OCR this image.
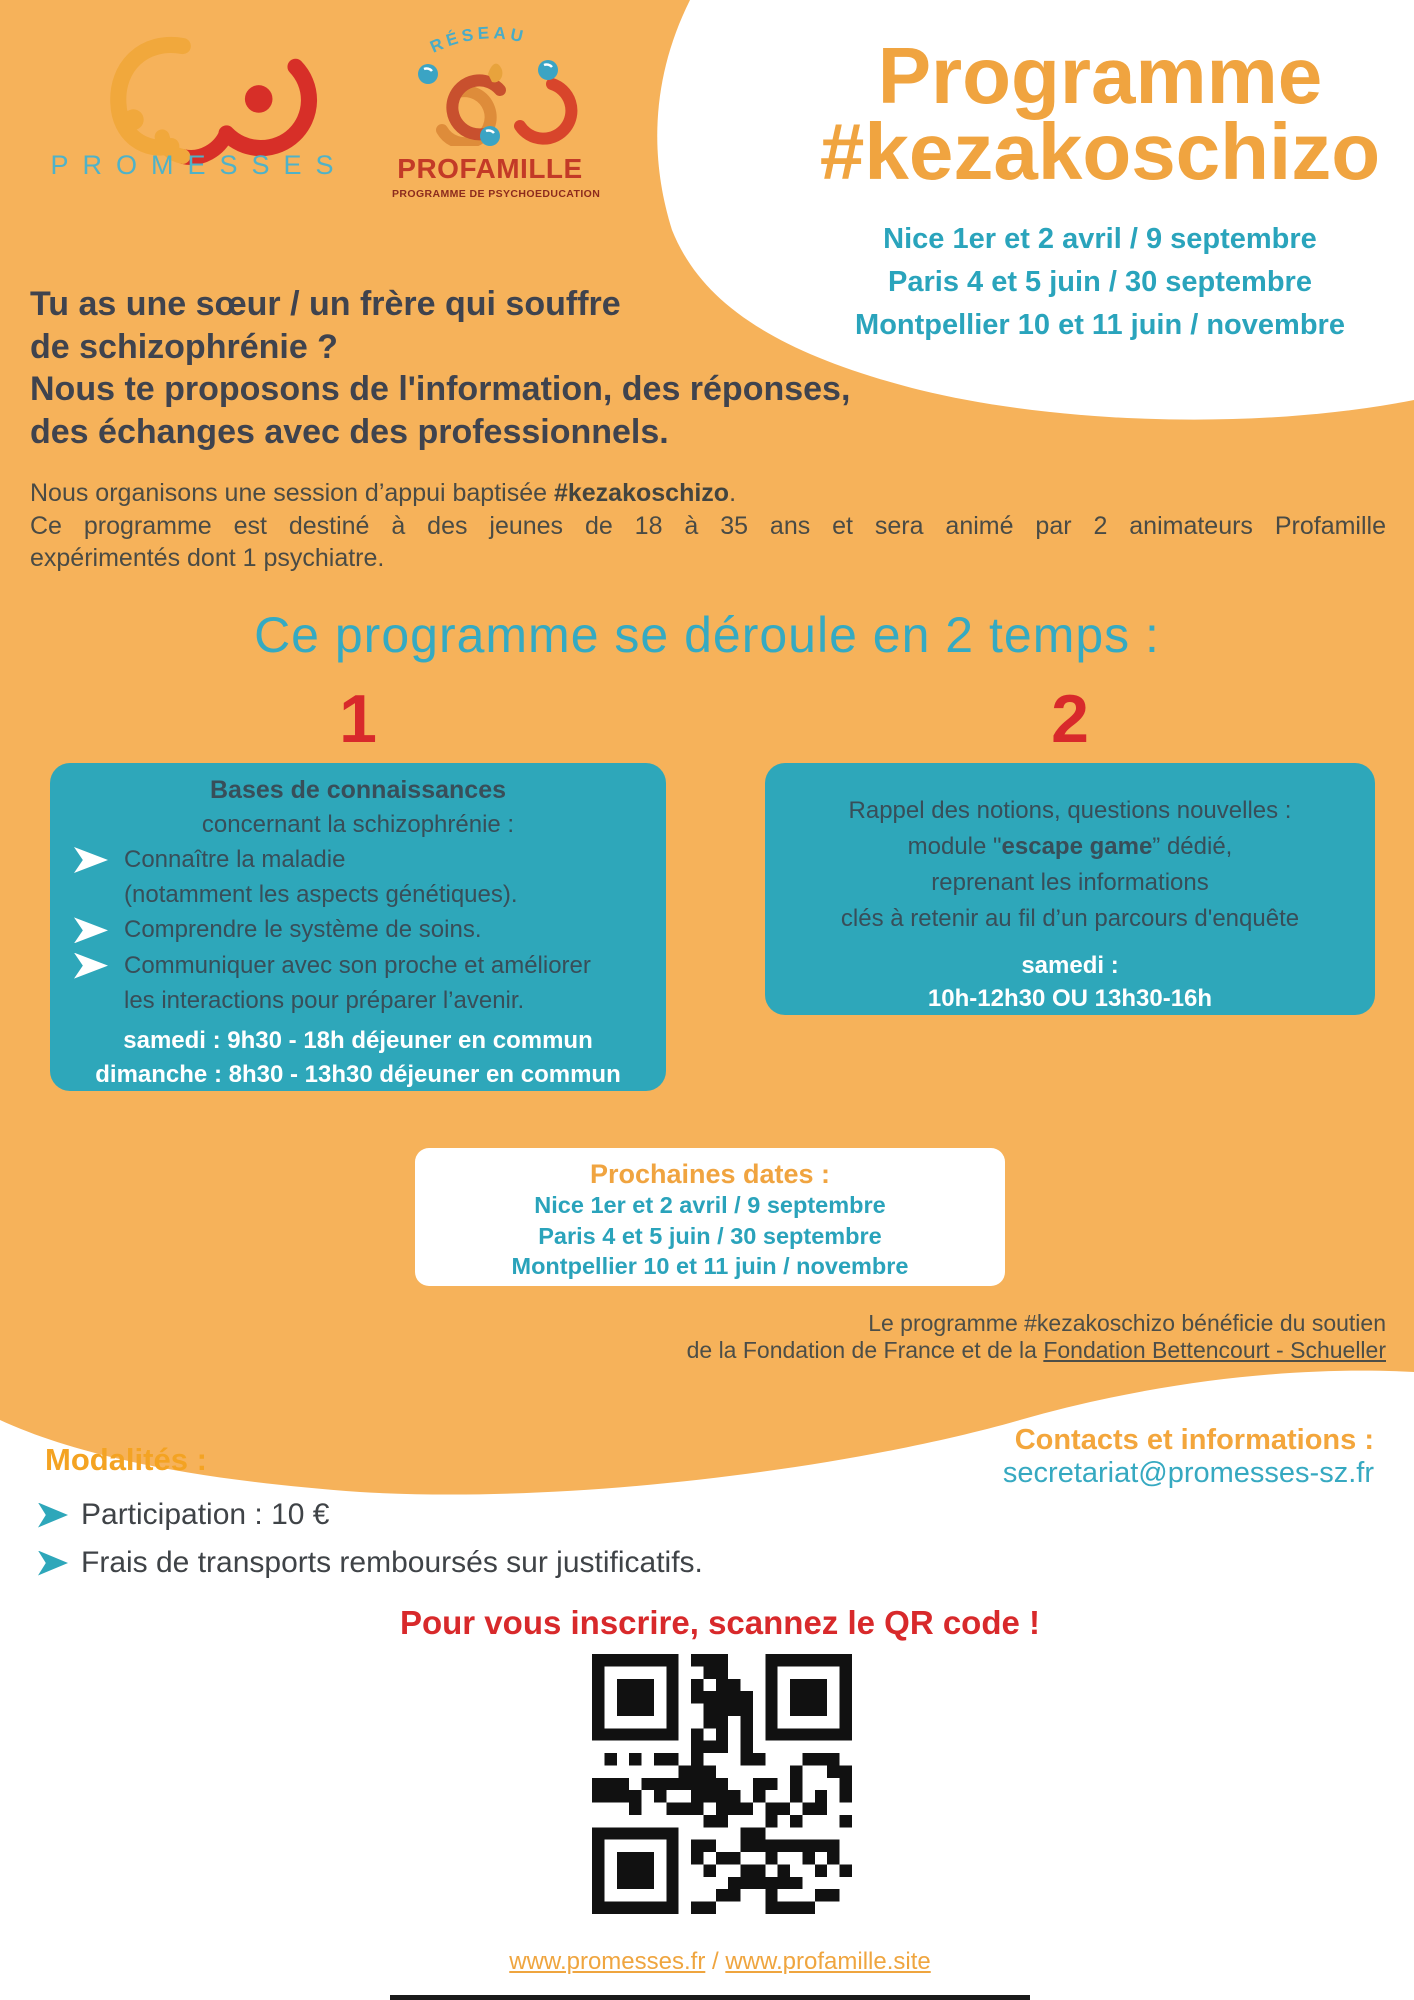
PROMESSES
RÉSEAU
PROFAMILLE
PROGRAMME DE PSYCHOEDUCATION
Programme
#kezakoschizo
Nice 1er et 2 avril / 9 septembre
Paris 4 et 5 juin / 30 septembre
Montpellier 10 et 11 juin / novembre
Tu as une sœur / un frère qui souffre
de schizophrénie ?
Nous te proposons de l'information, des réponses,
des échanges avec des professionnels.
Nous organisons une session d’appui baptisée #kezakoschizo.
Ce programme est destiné à des jeunes de 18 à 35 ans et sera animé par 2 animateurs Profamille
expérimentés dont 1 psychiatre.
Ce programme se déroule en 2 temps :
1	2
Bases de connaissances
concernant la schizophrénie :
Connaître la maladie
(notamment les aspects génétiques).
Comprendre le système de soins.
Communiquer avec son proche et améliorer
les interactions pour préparer l’avenir.
samedi : 9h30 - 18h déjeuner en commun
dimanche : 8h30 - 13h30 déjeuner en commun
Rappel des notions, questions nouvelles :
module "escape game” dédié,
reprenant les informations
clés à retenir au fil d’un parcours d'enquête
samedi :
10h-12h30 OU 13h30-16h
Prochaines dates :
Nice 1er et 2 avril / 9 septembre
Paris 4 et 5 juin / 30 septembre
Montpellier 10 et 11 juin / novembre
Le programme #kezakoschizo bénéficie du soutien
de la Fondation de France et de la Fondation Bettencourt - Schueller
Modalités :
Participation : 10 €
Frais de transports remboursés sur justificatifs.
Contacts et informations :
secretariat@promesses-sz.fr
Pour vous inscrire, scannez le QR code !
www.promesses.fr / www.profamille.site
